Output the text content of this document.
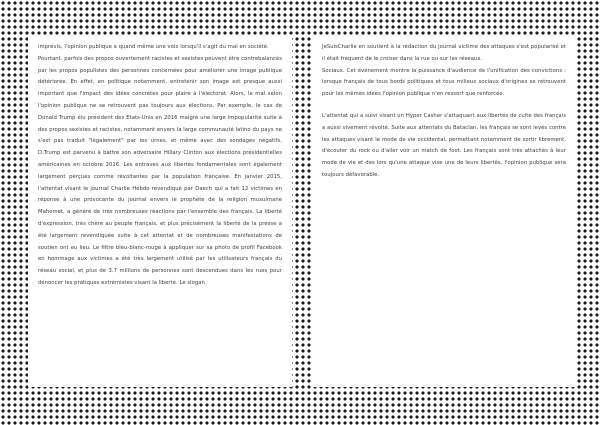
imprévis, l'opinion publique a quand même une voix lorsqu'il s'agit du mal en société.

Pourtant, parfois des propos ouvertement racistes et sexistes peuvent être contrebalancés par les propos populistes des personnes concernées pour améliorer une image publique détériorée. En effet, en politique notamment, entretenir son image est presque aussi important que l'impact des idées concrètes pour plaire à l'électorat. Alors, le mal selon l'opinion publique ne se retrouvent pas toujours aux élections. Par exemple, le cas de Donald Trump élu président des Etats-Unis en 2016 malgré une large impopularité suite à des propos sexistes et racistes, notamment envers la large communauté latino du pays ne s'est pas traduit "légalement" par les urnes, et même avec des sondages négatifs, D.Trump est parvenu à battre son adversaire Hillary Clinton aux élections présidentielles américaines en octobre 2016. Les entraves aux libertés fondamentales sont également largement perçues comme révoltantes par la population française. En janvier 2015, l'attentat visant le journal Charlie Hebdo revendiqué par Daech qui a fait 12 victimes en réponse à une provocante du journal envers le prophète de la religion musulmane Mahomet, a généré de très nombreuses réactions par l'ensemble des français. La liberté d'expression, très chère au peuple français, et plus précisément la liberté de la presse a été largement revendiquée suite à cet attentat et de nombreuses manifestations de soutien ont eu lieu. Le filtre bleu-blanc-rouge à appliquer sur sa photo de profil Facebook en hommage aux victimes a été très largement utilisé par les utilisateurs français du réseau social, et plus de 3.7 millions de personnes sont descendues dans les rues pour dénoncer les pratiques extrémistes visant la liberté. Le slogan

JeSuisCharlie en soutient à la rédaction du journal victime des attaques s'est popularisé et il était fréquent de le croiser dans la rue ou sur les réseaux.

Sociaux. Cet événement montre la puissance d'audience de l'unification des convictions : lorsque français de tous bords politiques et tous milieux sociaux d'origines se retrouvent pour les mêmes idées l'opinion publique n'en ressort que renforcée.

L'attentat qui a suivi visant un Hyper Casher s'attaquant aux libertés de culte des français a aussi vivement révolté. Suite aux attentats du Bataclan, les français se sont levés contre les attaques visant le mode de vie occidental, permettant notamment de sortir librement, d'écouter du rock ou d'aller voir un match de foot. Les français sont très attachés à leur mode de vie et des lors qu'une attaque vise une de leurs libertés, l'opinion publique sera toujours défavorable.
